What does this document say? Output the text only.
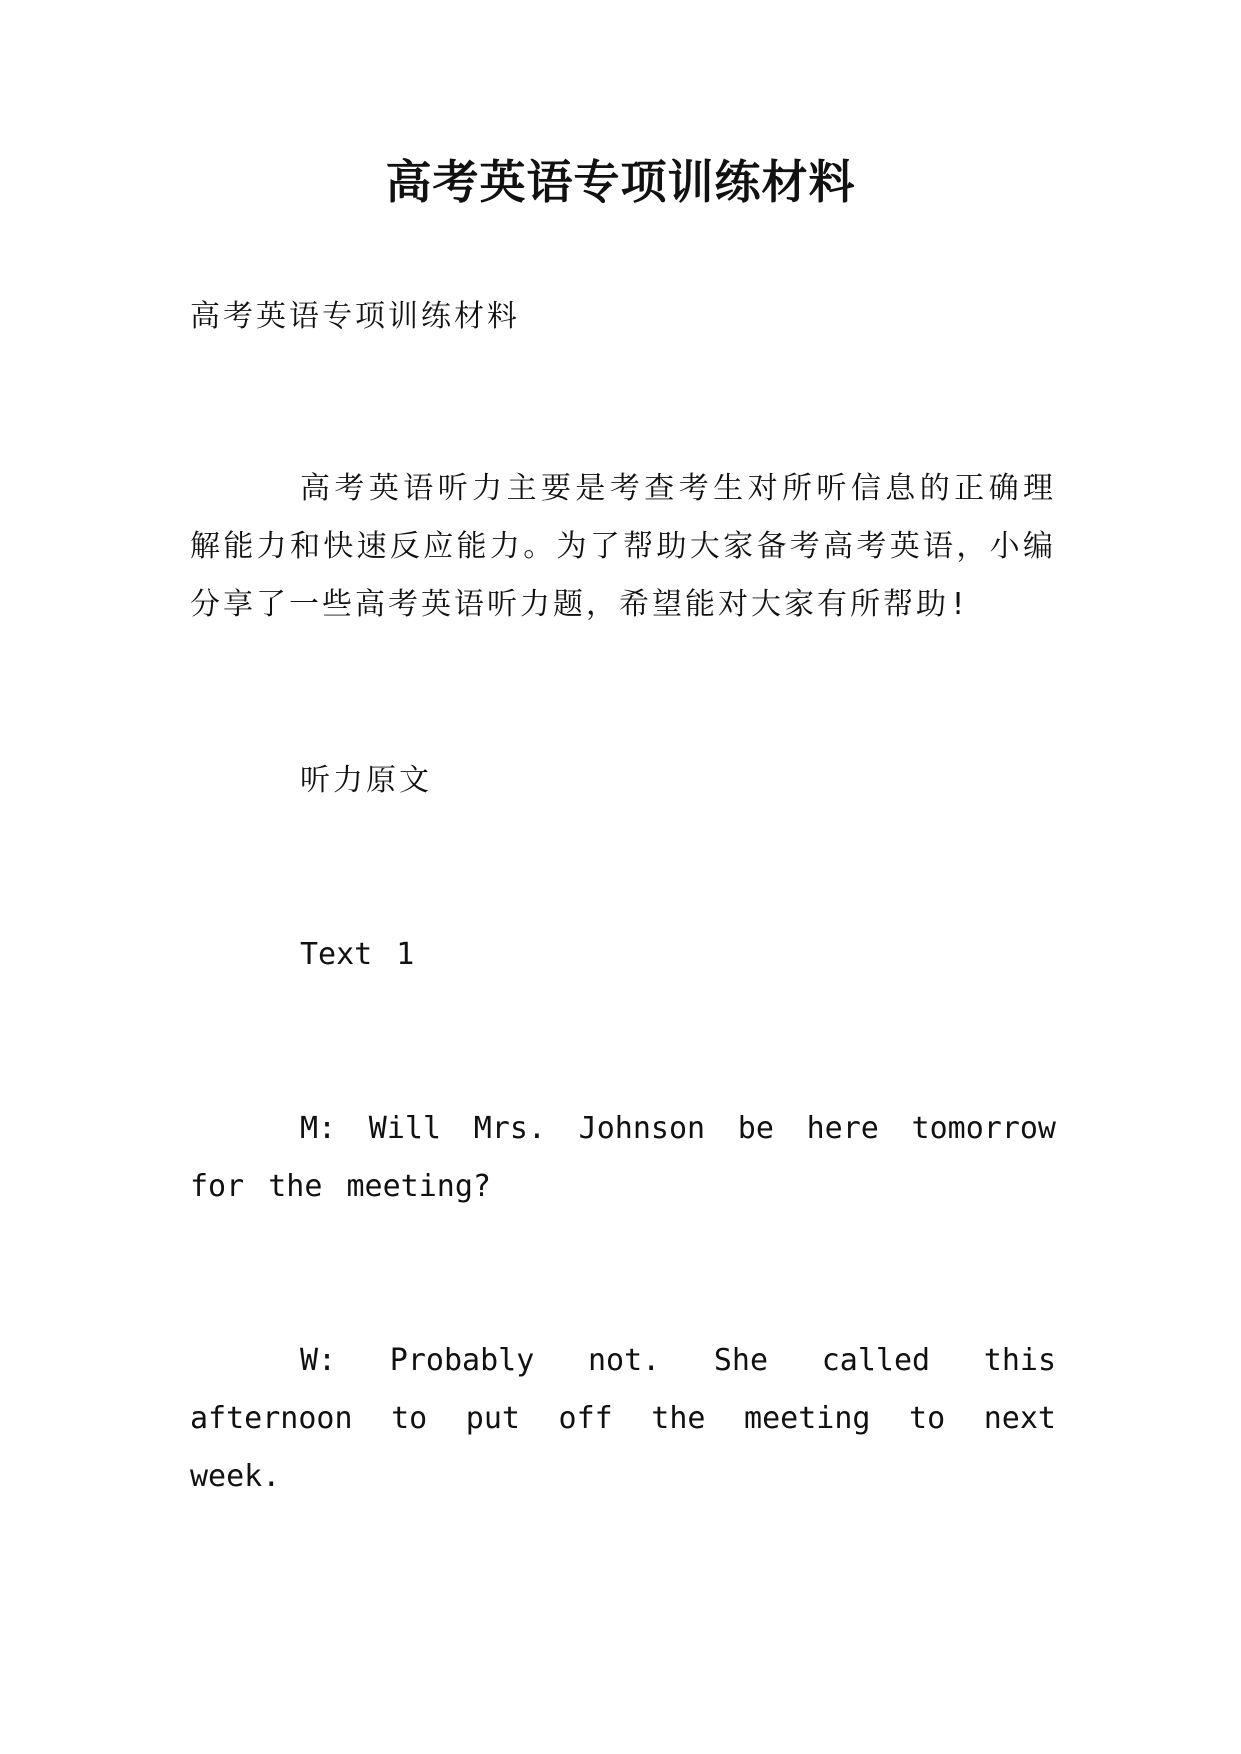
高考英语专项训练材料

高考英语专项训练材料

高考英语听力主要是考查考生对所听信息的正确理解能力和快速反应能力。为了帮助大家备考高考英语，小编分享了一些高考英语听力题，希望能对大家有所帮助!

听力原文

Text 1

M: Will Mrs. Johnson be here tomorrow for the meeting?

W: Probably not. She called this afternoon to put off the meeting to next week.
